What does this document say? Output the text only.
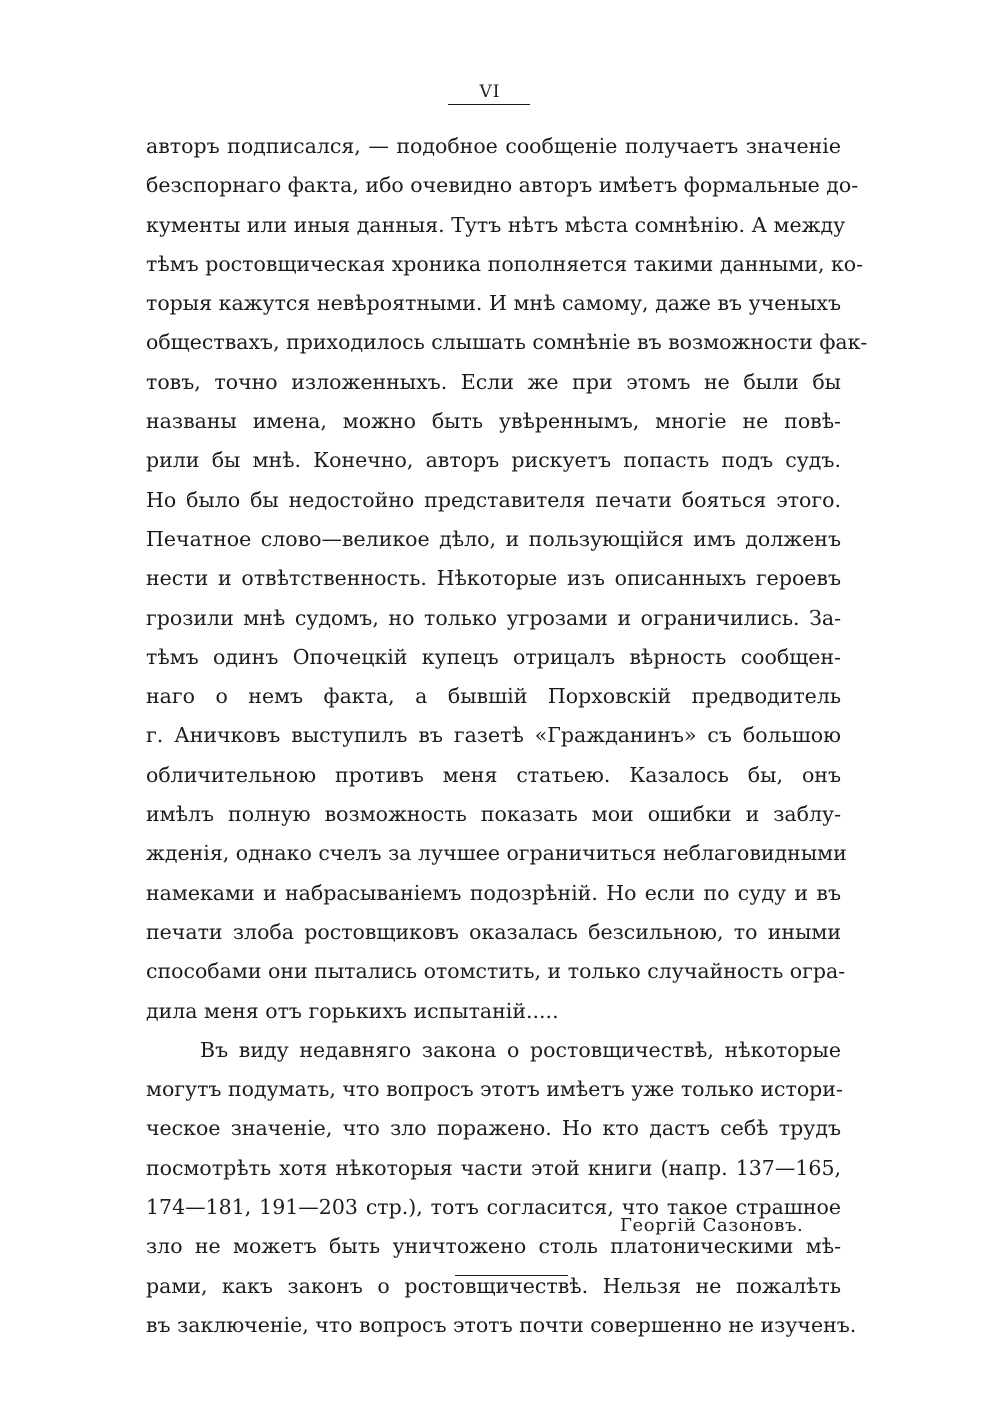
VI
авторъ подписался, — подобное сообщеніе получаетъ значеніе
безспорнаго факта, ибо очевидно авторъ имѣетъ формальные до-
кументы или иныя данныя. Тутъ нѣтъ мѣста сомнѣнію. А между
тѣмъ ростовщическая хроника пополняется такими данными, ко-
торыя кажутся невѣроятными. И мнѣ самому, даже въ ученыхъ
обществахъ, приходилось слышать сомнѣніе въ возможности фак-
товъ, точно изложенныхъ. Если же при этомъ не были бы
названы имена, можно быть увѣреннымъ, многіе не повѣ-
рили бы мнѣ. Конечно, авторъ рискуетъ попасть подъ судъ.
Но было бы недостойно представителя печати бояться этого.
Печатное слово—великое дѣло, и пользующійся имъ долженъ
нести и отвѣтственность. Нѣкоторые изъ описанныхъ героевъ
грозили мнѣ судомъ, но только угрозами и ограничились. За-
тѣмъ одинъ Опочецкій купецъ отрицалъ вѣрность сообщен-
наго о немъ факта, а бывшій Порховскій предводитель
г. Аничковъ выступилъ въ газетѣ «Гражданинъ» съ большою
обличительною противъ меня статьею. Казалось бы, онъ
имѣлъ полную возможность показать мои ошибки и заблу-
жденія, однако счелъ за лучшее ограничиться неблаговидными
намеками и набрасываніемъ подозрѣній. Но если по суду и въ
печати злоба ростовщиковъ оказалась безсильною, то иными
способами они пытались отомстить, и только случайность огра-
дила меня отъ горькихъ испытаній.....
Въ виду недавняго закона о ростовщичествѣ, нѣкоторые
могутъ подумать, что вопросъ этотъ имѣетъ уже только истори-
ческое значеніе, что зло поражено. Но кто дастъ себѣ трудъ
посмотрѣть хотя нѣкоторыя части этой книги (напр. 137—165,
174—181, 191—203 стр.), тотъ согласится, что такое страшное
зло не можетъ быть уничтожено столь платоническими мѣ-
рами, какъ законъ о ростовщичествѣ. Нельзя не пожалѣть
въ заключеніе, что вопросъ этотъ почти совершенно не изученъ.
Георгій Сазоновъ.
